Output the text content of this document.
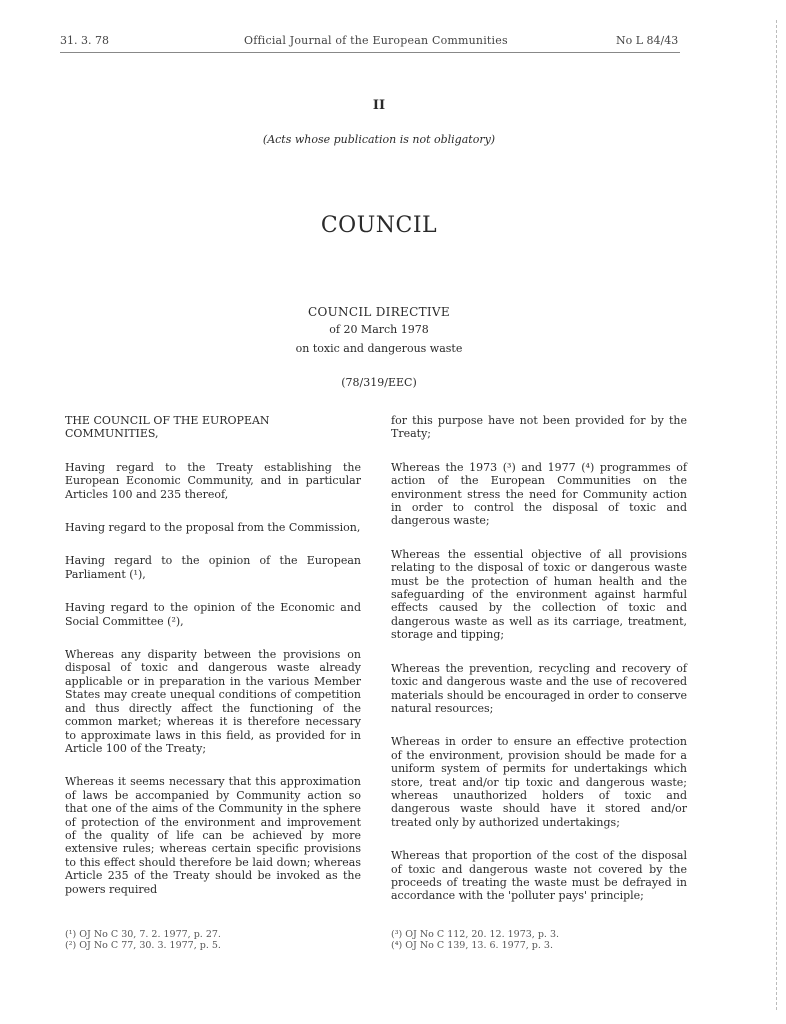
31. 3. 78	Official Journal of the European Communities	No L 84/43
II
(Acts whose publication is not obligatory)
COUNCIL
COUNCIL DIRECTIVE
of 20 March 1978
on toxic and dangerous waste
(78/319/EEC)

THE COUNCIL OF THE EUROPEAN COMMUNITIES,

Having regard to the Treaty establishing the European Economic Community, and in particular Articles 100 and 235 thereof,

Having regard to the proposal from the Commission,

Having regard to the opinion of the European Parliament (¹),

Having regard to the opinion of the Economic and Social Committee (²),

Whereas any disparity between the provisions on disposal of toxic and dangerous waste already applicable or in preparation in the various Member States may create unequal conditions of competition and thus directly affect the functioning of the common market; whereas it is therefore necessary to approximate laws in this field, as provided for in Article 100 of the Treaty;

Whereas it seems necessary that this approximation of laws be accompanied by Community action so that one of the aims of the Community in the sphere of protection of the environment and improvement of the quality of life can be achieved by more extensive rules; whereas certain specific provisions to this effect should therefore be laid down; whereas Article 235 of the Treaty should be invoked as the powers required

for this purpose have not been provided for by the Treaty;

Whereas the 1973 (³) and 1977 (⁴) programmes of action of the European Communities on the environment stress the need for Community action in order to control the disposal of toxic and dangerous waste;

Whereas the essential objective of all provisions relating to the disposal of toxic or dangerous waste must be the protection of human health and the safeguarding of the environment against harmful effects caused by the collection of toxic and dangerous waste as well as its carriage, treatment, storage and tipping;

Whereas the prevention, recycling and recovery of toxic and dangerous waste and the use of recovered materials should be encouraged in order to conserve natural resources;

Whereas in order to ensure an effective protection of the environment, provision should be made for a uniform system of permits for undertakings which store, treat and/or tip toxic and dangerous waste; whereas unauthorized holders of toxic and dangerous waste should have it stored and/or treated only by authorized undertakings;

Whereas that proportion of the cost of the disposal of toxic and dangerous waste not covered by the proceeds of treating the waste must be defrayed in accordance with the 'polluter pays' principle;

(¹) OJ No C 30, 7. 2. 1977, p. 27.
(²) OJ No C 77, 30. 3. 1977, p. 5.
(³) OJ No C 112, 20. 12. 1973, p. 3.
(⁴) OJ No C 139, 13. 6. 1977, p. 3.
